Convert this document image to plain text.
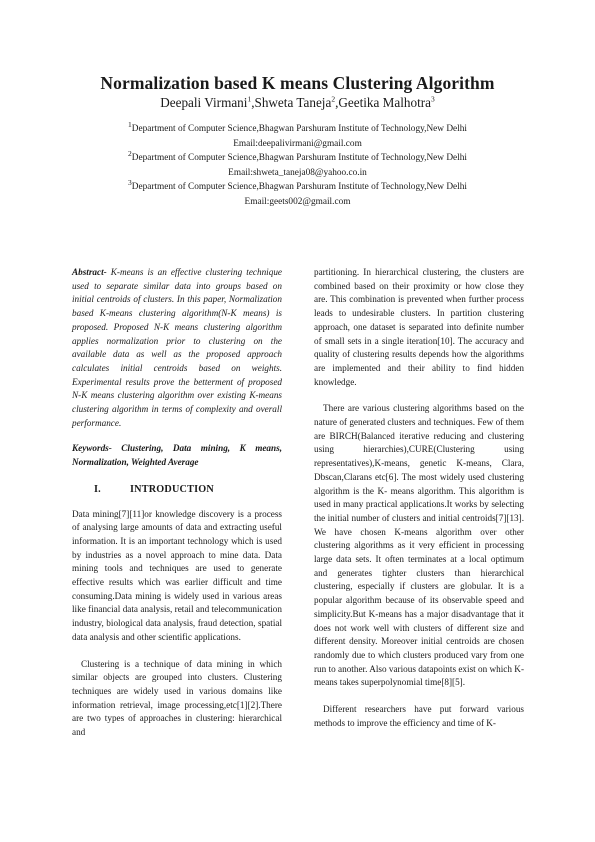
Normalization based K means Clustering Algorithm
Deepali Virmani$^1$,Shweta Taneja$^2$,Geetika Malhotra$^3$
$^1$Department of Computer Science,Bhagwan Parshuram Institute of Technology,New Delhi
Email:deepalivirmani@gmail.com
$^2$Department of Computer Science,Bhagwan Parshuram Institute of Technology,New Delhi
Email:shweta_taneja08@yahoo.co.in
$^3$Department of Computer Science,Bhagwan Parshuram Institute of Technology,New Delhi
Email:geets002@gmail.com

Abstract- K-means is an effective clustering technique used to separate similar data into groups based on initial centroids of clusters. In this paper, Normalization based K-means clustering algorithm(N-K means) is proposed. Proposed N-K means clustering algorithm applies normalization prior to clustering on the available data as well as the proposed approach calculates initial centroids based on weights. Experimental results prove the betterment of proposed N-K means clustering algorithm over existing K-means clustering algorithm in terms of complexity and overall performance.

Keywords- Clustering, Data mining, K means, Normalization, Weighted Average

I.	INTRODUCTION

Data mining[7][11]or knowledge discovery is a process of analysing large amounts of data and extracting useful information. It is an important technology which is used by industries as a novel approach to mine data. Data mining tools and techniques are used to generate effective results which was earlier difficult and time consuming.Data mining is widely used in various areas like financial data analysis, retail and telecommunication industry, biological data analysis, fraud detection, spatial data analysis and other scientific applications.

Clustering is a technique of data mining in which similar objects are grouped into clusters. Clustering techniques are widely used in various domains like information retrieval, image processing,etc[1][2].There are two types of approaches in clustering: hierarchical and

partitioning. In hierarchical clustering, the clusters are combined based on their proximity or how close they are. This combination is prevented when further process leads to undesirable clusters. In partition clustering approach, one dataset is separated into definite number of small sets in a single iteration[10]. The accuracy and quality of clustering results depends how the algorithms are implemented and their ability to find hidden knowledge.

There are various clustering algorithms based on the nature of generated clusters and techniques. Few of them are BIRCH(Balanced iterative reducing and clustering using hierarchies),CURE(Clustering using representatives),K-means, genetic K-means, Clara, Dbscan,Clarans etc[6]. The most widely used clustering algorithm is the K- means algorithm. This algorithm is used in many practical applications.It works by selecting the initial number of clusters and initial centroids[7][13]. We have chosen K-means algorithm over other clustering algorithms as it very efficient in processing large data sets. It often terminates at a local optimum and generates tighter clusters than hierarchical clustering, especially if clusters are globular. It is a popular algorithm because of its observable speed and simplicity.But K-means has a major disadvantage that it does not work well with clusters of different size and different density. Moreover initial centroids are chosen randomly due to which clusters produced vary from one run to another. Also various datapoints exist on which K-means takes superpolynomial time[8][5].

Different researchers have put forward various methods to improve the efficiency and time of K-
